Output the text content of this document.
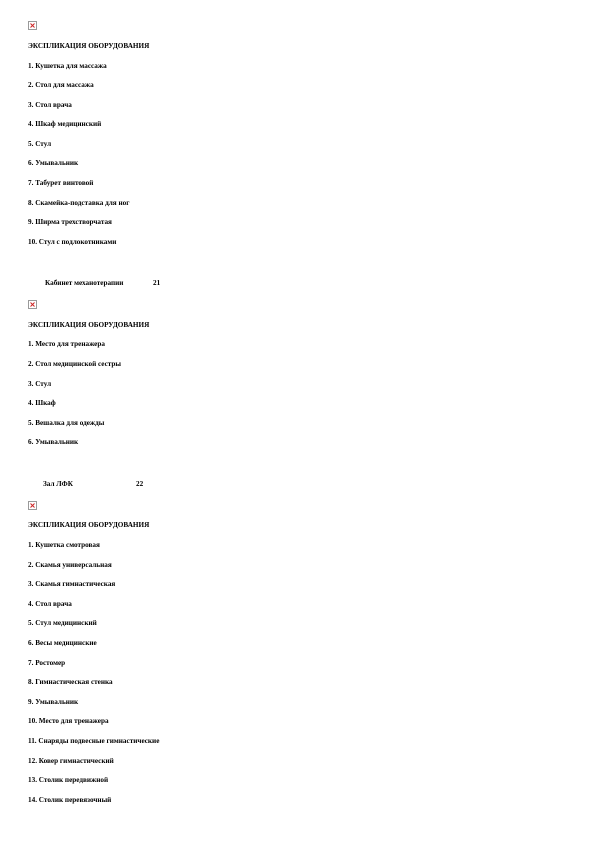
ЭКСПЛИКАЦИЯ ОБОРУДОВАНИЯ
1. Кушетка для массажа
2. Стол для массажа
3. Стол врача
4. Шкаф медицинский
5. Стул
6. Умывальник
7. Табурет винтовой
8. Скамейка-подставка для ног
9. Ширма трехстворчатая
10. Стул с подлокотниками
Кабинет механотерапии	21
ЭКСПЛИКАЦИЯ ОБОРУДОВАНИЯ
1. Место для тренажера
2. Стол медицинской сестры
3. Стул
4. Шкаф
5. Вешалка для одежды
6. Умывальник
Зал ЛФК	22
ЭКСПЛИКАЦИЯ ОБОРУДОВАНИЯ
1. Кушетка смотровая
2. Скамья универсальная
3. Скамья гимнастическая
4. Стол врача
5. Стул медицинский
6. Весы медицинские
7. Ростомер
8. Гимнастическая стенка
9. Умывальник
10. Место для тренажера
11. Снаряды подвесные гимнастические
12. Ковер гимнастический
13. Столик передвижной
14. Столик перевязочный
